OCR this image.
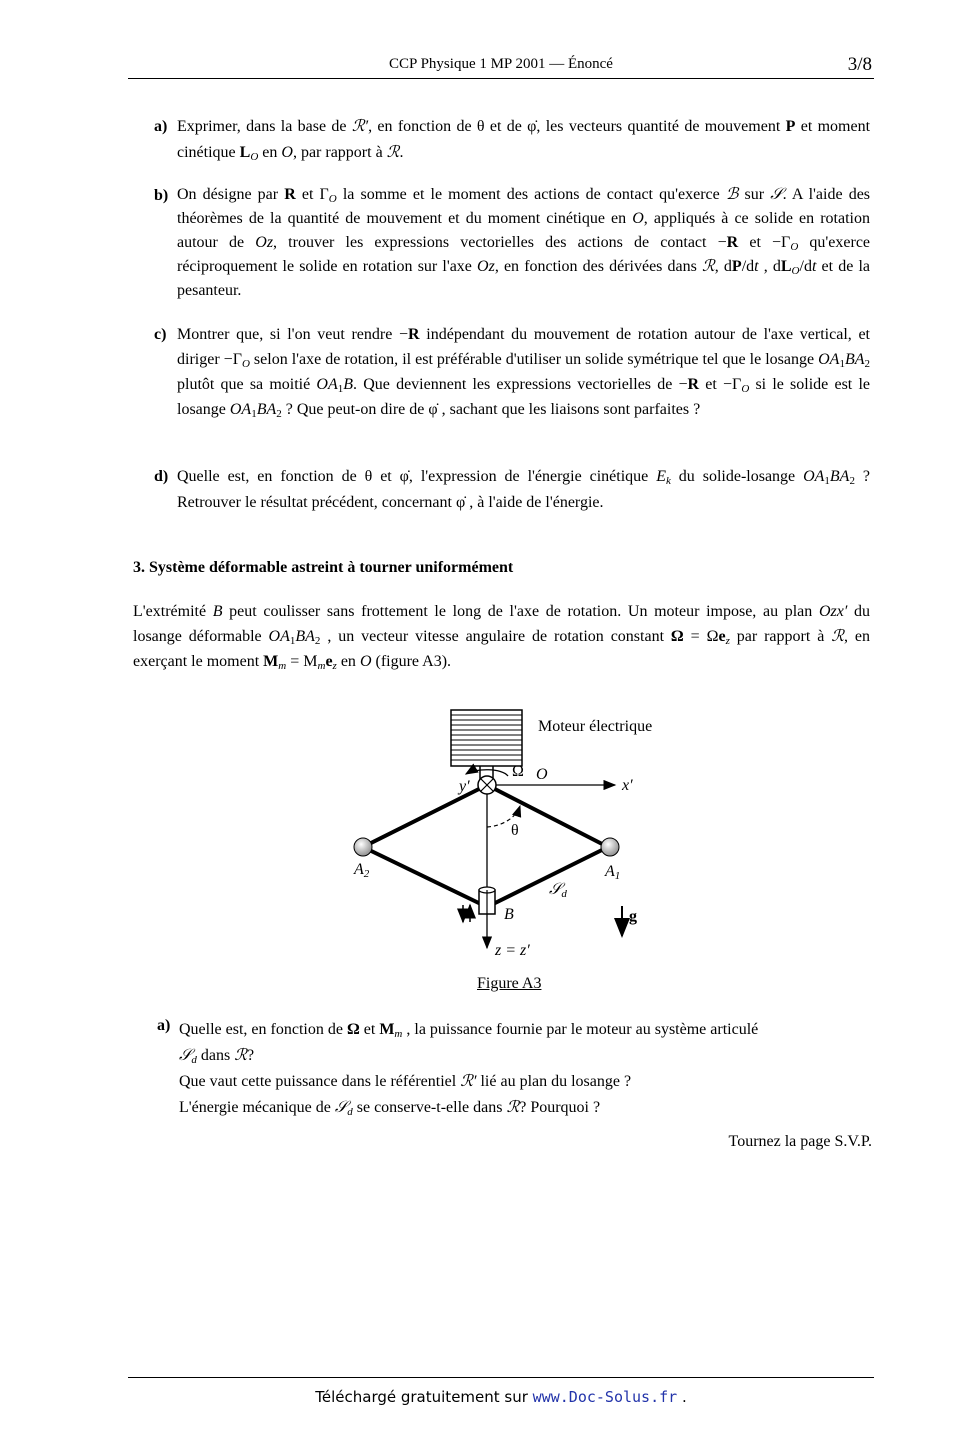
CCP Physique 1 MP 2001 — Énoncé	3/8
a) Exprimer, dans la base de ℛ′, en fonction de θ et de φ̇, les vecteurs quantité de mouvement P et moment cinétique $L_O$ en O, par rapport à ℛ.
b) On désigne par R et $\Gamma_O$ la somme et le moment des actions de contact qu'exerce ℬ sur 𝒮. A l'aide des théorèmes de la quantité de mouvement et du moment cinétique en O, appliqués à ce solide en rotation autour de Oz, trouver les expressions vectorielles des actions de contact −R et $-\Gamma_O$ qu'exerce réciproquement le solide en rotation sur l'axe Oz, en fonction des dérivées dans ℛ, dP/dt , $dL_O/dt$ et de la pesanteur.
c) Montrer que, si l'on veut rendre −R indépendant du mouvement de rotation autour de l'axe vertical, et diriger $-\Gamma_O$ selon l'axe de rotation, il est préférable d'utiliser un solide symétrique tel que le losange $OA_1BA_2$ plutôt que sa moitié $OA_1B$. Que deviennent les expressions vectorielles de −R et $-\Gamma_O$ si le solide est le losange $OA_1BA_2$ ? Que peut-on dire de φ̇ , sachant que les liaisons sont parfaites ?
d) Quelle est, en fonction de θ et φ̇, l'expression de l'énergie cinétique $E_k$ du solide-losange $OA_1BA_2$ ? Retrouver le résultat précédent, concernant φ̇ , à l'aide de l'énergie.
3. Système déformable astreint à tourner uniformément
L'extrémité B peut coulisser sans frottement le long de l'axe de rotation. Un moteur impose, au plan Ozx′ du losange déformable $OA_1BA_2$ , un vecteur vitesse angulaire de rotation constant $\Omega = \Omega e_z$ par rapport à ℛ, en exerçant le moment $M_m = M_me_z$ en O (figure A3).
Moteur électrique
Ω O
x′
y′
θ
$A_2$	$A_1$
𝒮$_d$
B	g
z = z′
Figure A3
a) Quelle est, en fonction de Ω et $M_m$ , la puissance fournie par le moteur au système articulé
𝒮$_d$ dans ℛ?
Que vaut cette puissance dans le référentiel ℛ′ lié au plan du losange ?
L'énergie mécanique de 𝒮$_d$ se conserve-t-elle dans ℛ? Pourquoi ?
Tournez la page S.V.P.
Téléchargé gratuitement sur www.Doc-Solus.fr .
